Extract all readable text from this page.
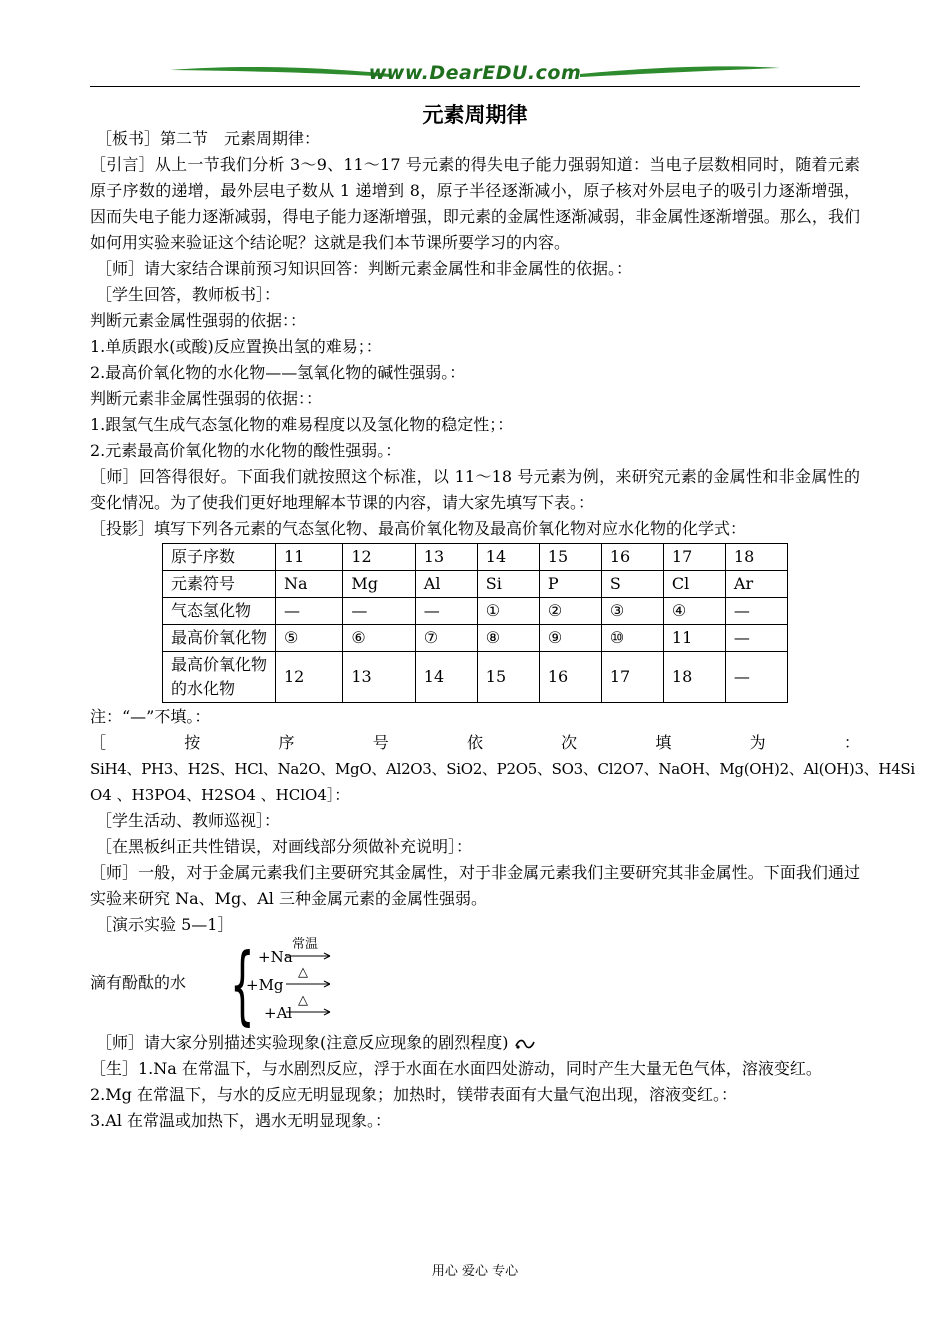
www.DearEDU.com
元素周期律

［板书］第二节　元素周期律：

［引言］从上一节我们分析 3～9、11～17 号元素的得失电子能力强弱知道：当电子层数相同时，随着元素原子序数的递增，最外层电子数从 1 递增到 8，原子半径逐渐减小，原子核对外层电子的吸引力逐渐增强，因而失电子能力逐渐减弱，得电子能力逐渐增强，即元素的金属性逐渐减弱，非金属性逐渐增强。那么，我们如何用实验来验证这个结论呢？这就是我们本节课所要学习的内容。

［师］请大家结合课前预习知识回答：判断元素金属性和非金属性的依据。：

［学生回答，教师板书］：

判断元素金属性强弱的依据：：

1.单质跟水(或酸)反应置换出氢的难易；：

2.最高价氧化物的水化物——氢氧化物的碱性强弱。：

判断元素非金属性强弱的依据：：

1.跟氢气生成气态氢化物的难易程度以及氢化物的稳定性；：

2.元素最高价氧化物的水化物的酸性强弱。：

［师］回答得很好。下面我们就按照这个标准，以 11～18 号元素为例，来研究元素的金属性和非金属性的变化情况。为了使我们更好地理解本节课的内容，请大家先填写下表。：

［投影］填写下列各元素的气态氢化物、最高价氧化物及最高价氧化物对应水化物的化学式：

原子序数	11	12	13	14	15	16	17	18
元素符号	Na	Mg	Al	Si	P	S	Cl	Ar
气态氢化物	—	—	—	①	②	③	④	—
最高价氧化物	⑤	⑥	⑦	⑧	⑨	⑩	11	—
最高价氧化物的水化物	12	13	14	15	16	17	18	—

注：“—”不填。：

［	按	序	号	依	次	填	为	：

SiH4、PH3、H2S、HCl、Na2O、MgO、Al2O3、SiO2、P2O5、SO3、Cl2O7、NaOH、Mg(OH)2、Al(OH)3、H4Si

O4 、H3PO4、H2SO4 、HClO4］：

［学生活动、教师巡视］：

［在黑板纠正共性错误，对画线部分须做补充说明］：

［师］一般，对于金属元素我们主要研究其金属性，对于非金属元素我们主要研究其非金属性。下面我们通过实验来研究 Na、Mg、Al 三种金属元素的金属性强弱。

［演示实验 5—1］

滴有酚酞的水 { +Na
+Mg
+Al
常温
△
△

［师］请大家分别描述实验现象(注意反应现象的剧烈程度)

［生］1.Na 在常温下，与水剧烈反应，浮于水面在水面四处游动，同时产生大量无色气体，溶液变红。

2.Mg 在常温下，与水的反应无明显现象；加热时，镁带表面有大量气泡出现，溶液变红。：

3.Al 在常温或加热下，遇水无明显现象。：

用心 爱心 专心
